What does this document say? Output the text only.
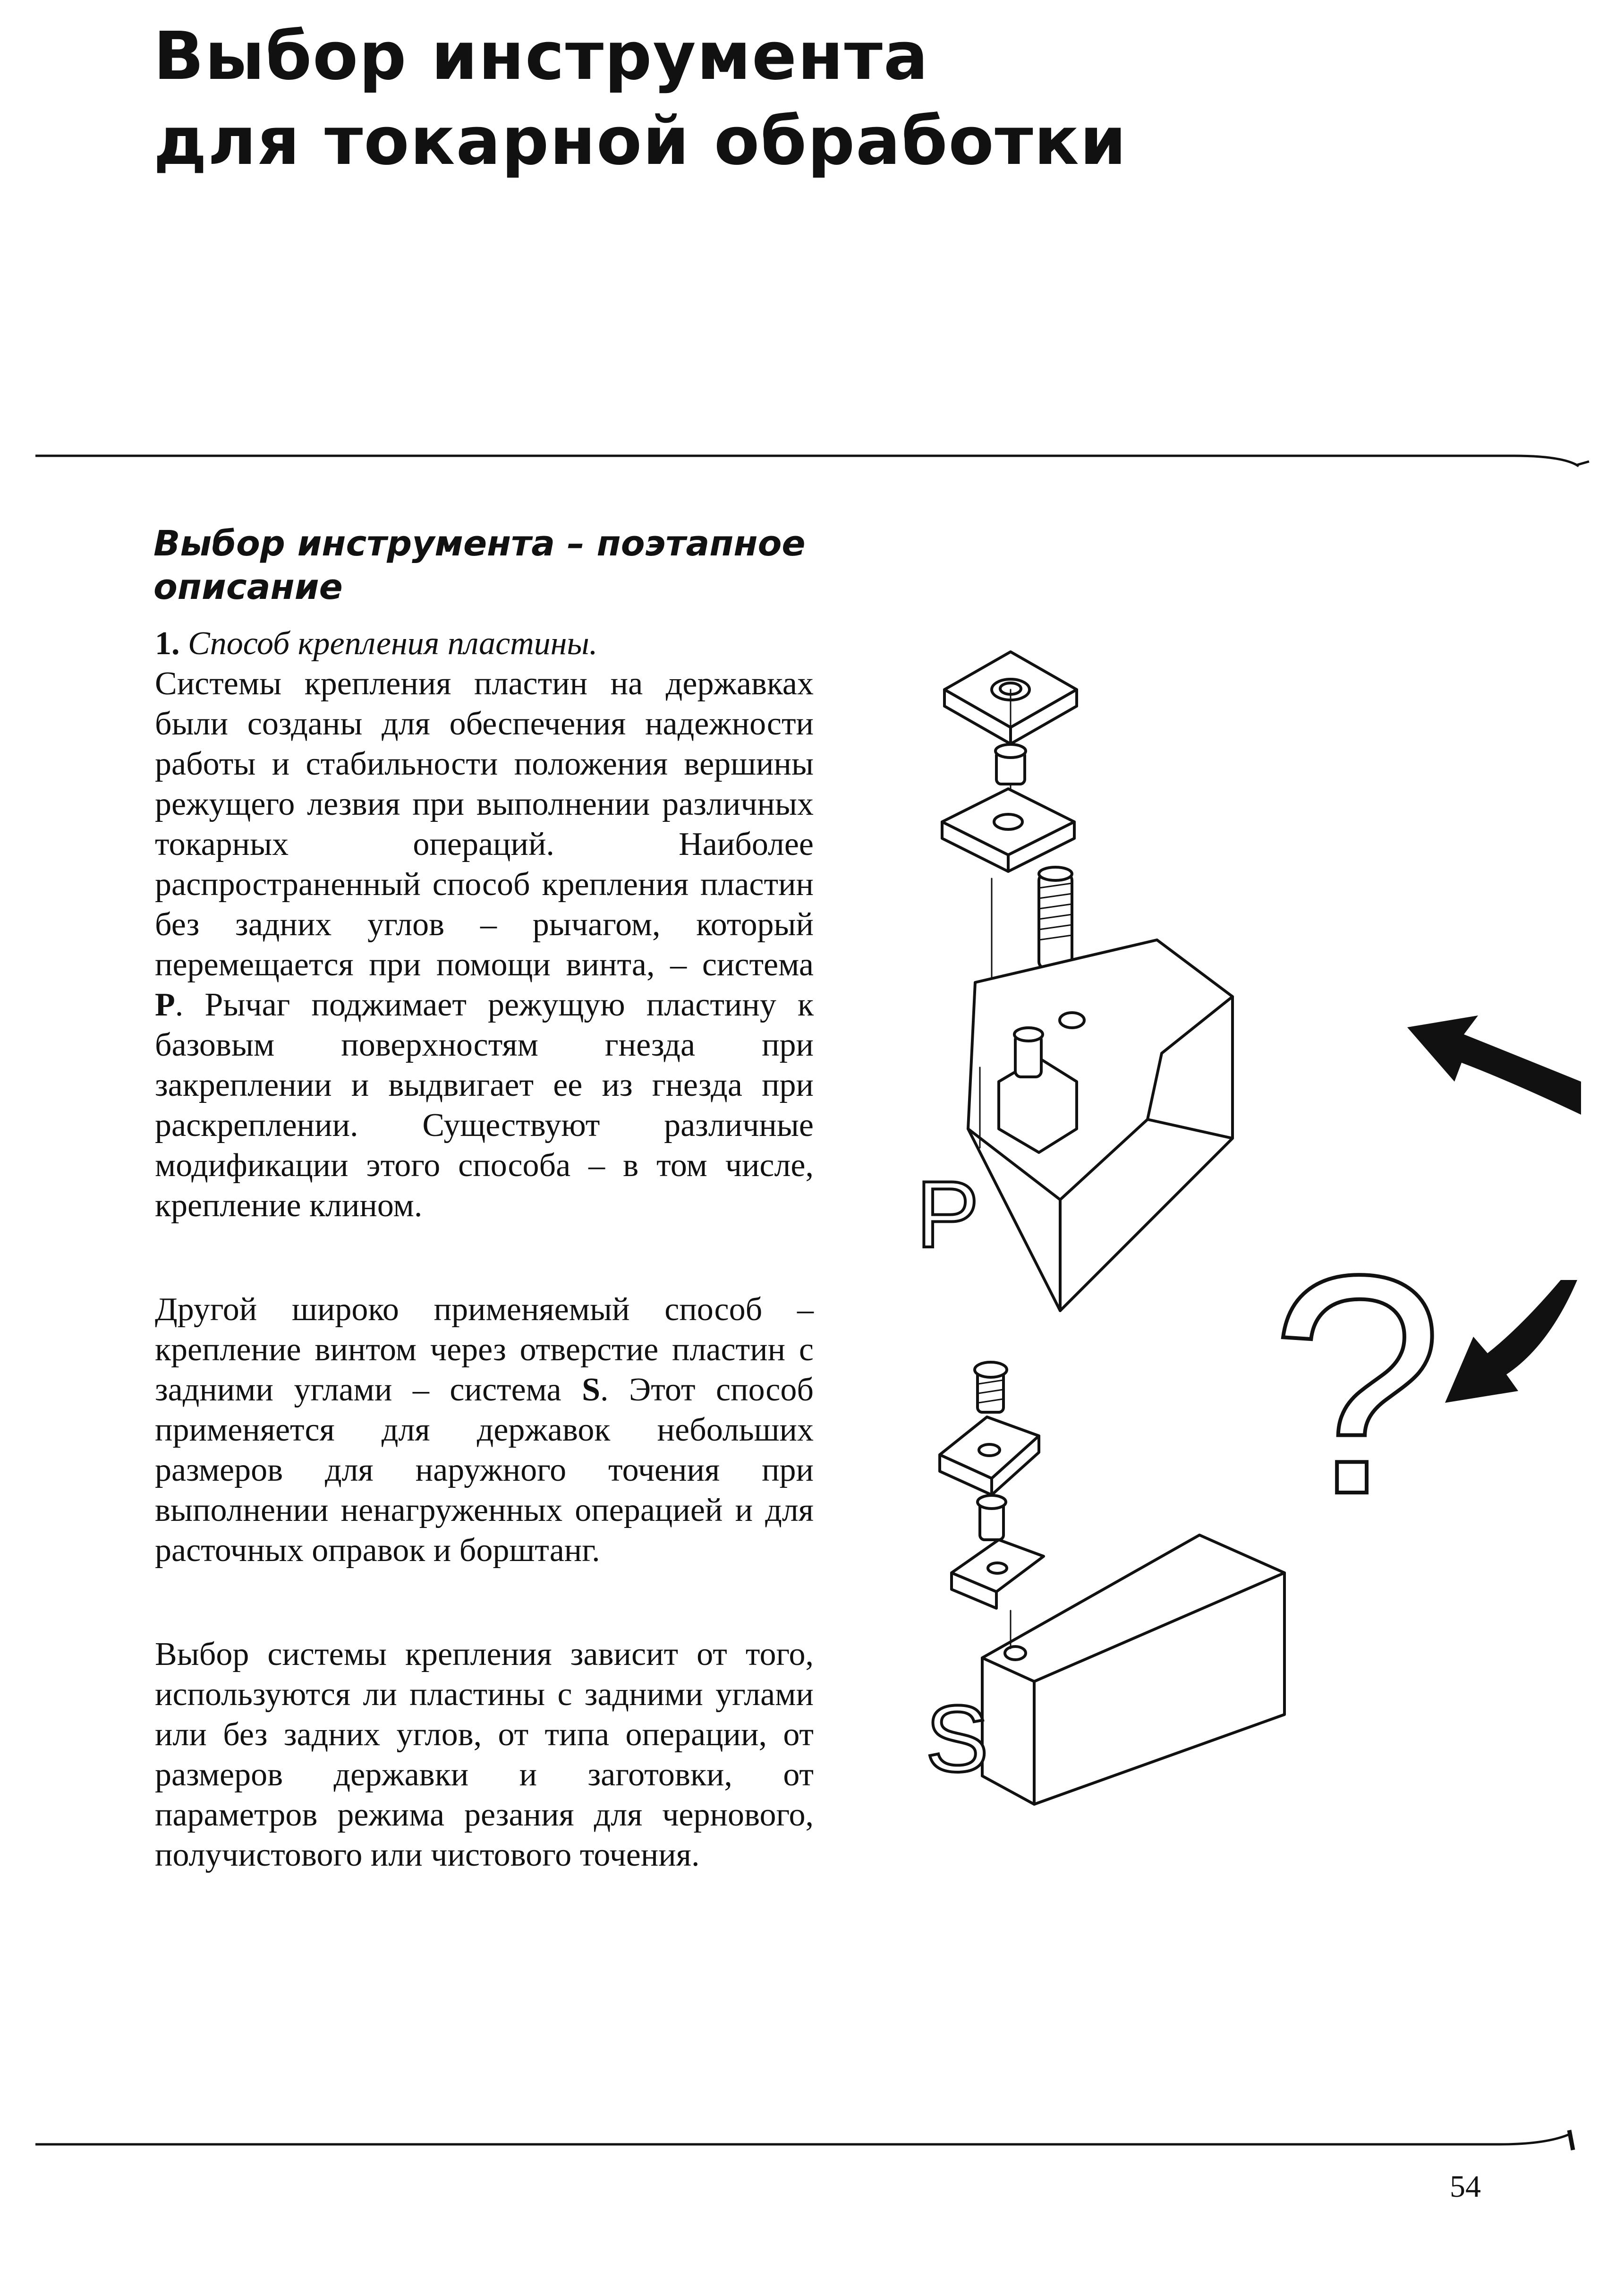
Выбор инструмента
для токарной обработки
Выбор инструмента – поэтапное описание

1. Способ крепления пластины.
Системы крепления пластин на державках были созданы для обеспечения надежности работы и стабильности положения вершины режущего лезвия при выполнении различных токарных операций. Наиболее распространенный способ крепления пластин без задних углов – рычагом, который перемещается при помощи винта, – система P. Рычаг поджимает режущую пластину к базовым поверхностям гнезда при закреплении и выдвигает ее из гнезда при раскреплении. Существуют различные модификации этого способа – в том числе, крепление клином.

Другой широко применяемый способ – крепление винтом через отверстие пластин с задними углами – система S. Этот способ применяется для державок небольших размеров для наружного точения при выполнении ненагруженных операцией и для расточных оправок и борштанг.

Выбор системы крепления зависит от того, используются ли пластины с задними углами или без задних углов, от типа операции, от размеров державки и заготовки, от параметров режима резания для чернового, получистового или чистового точения.

P
S
?
54
